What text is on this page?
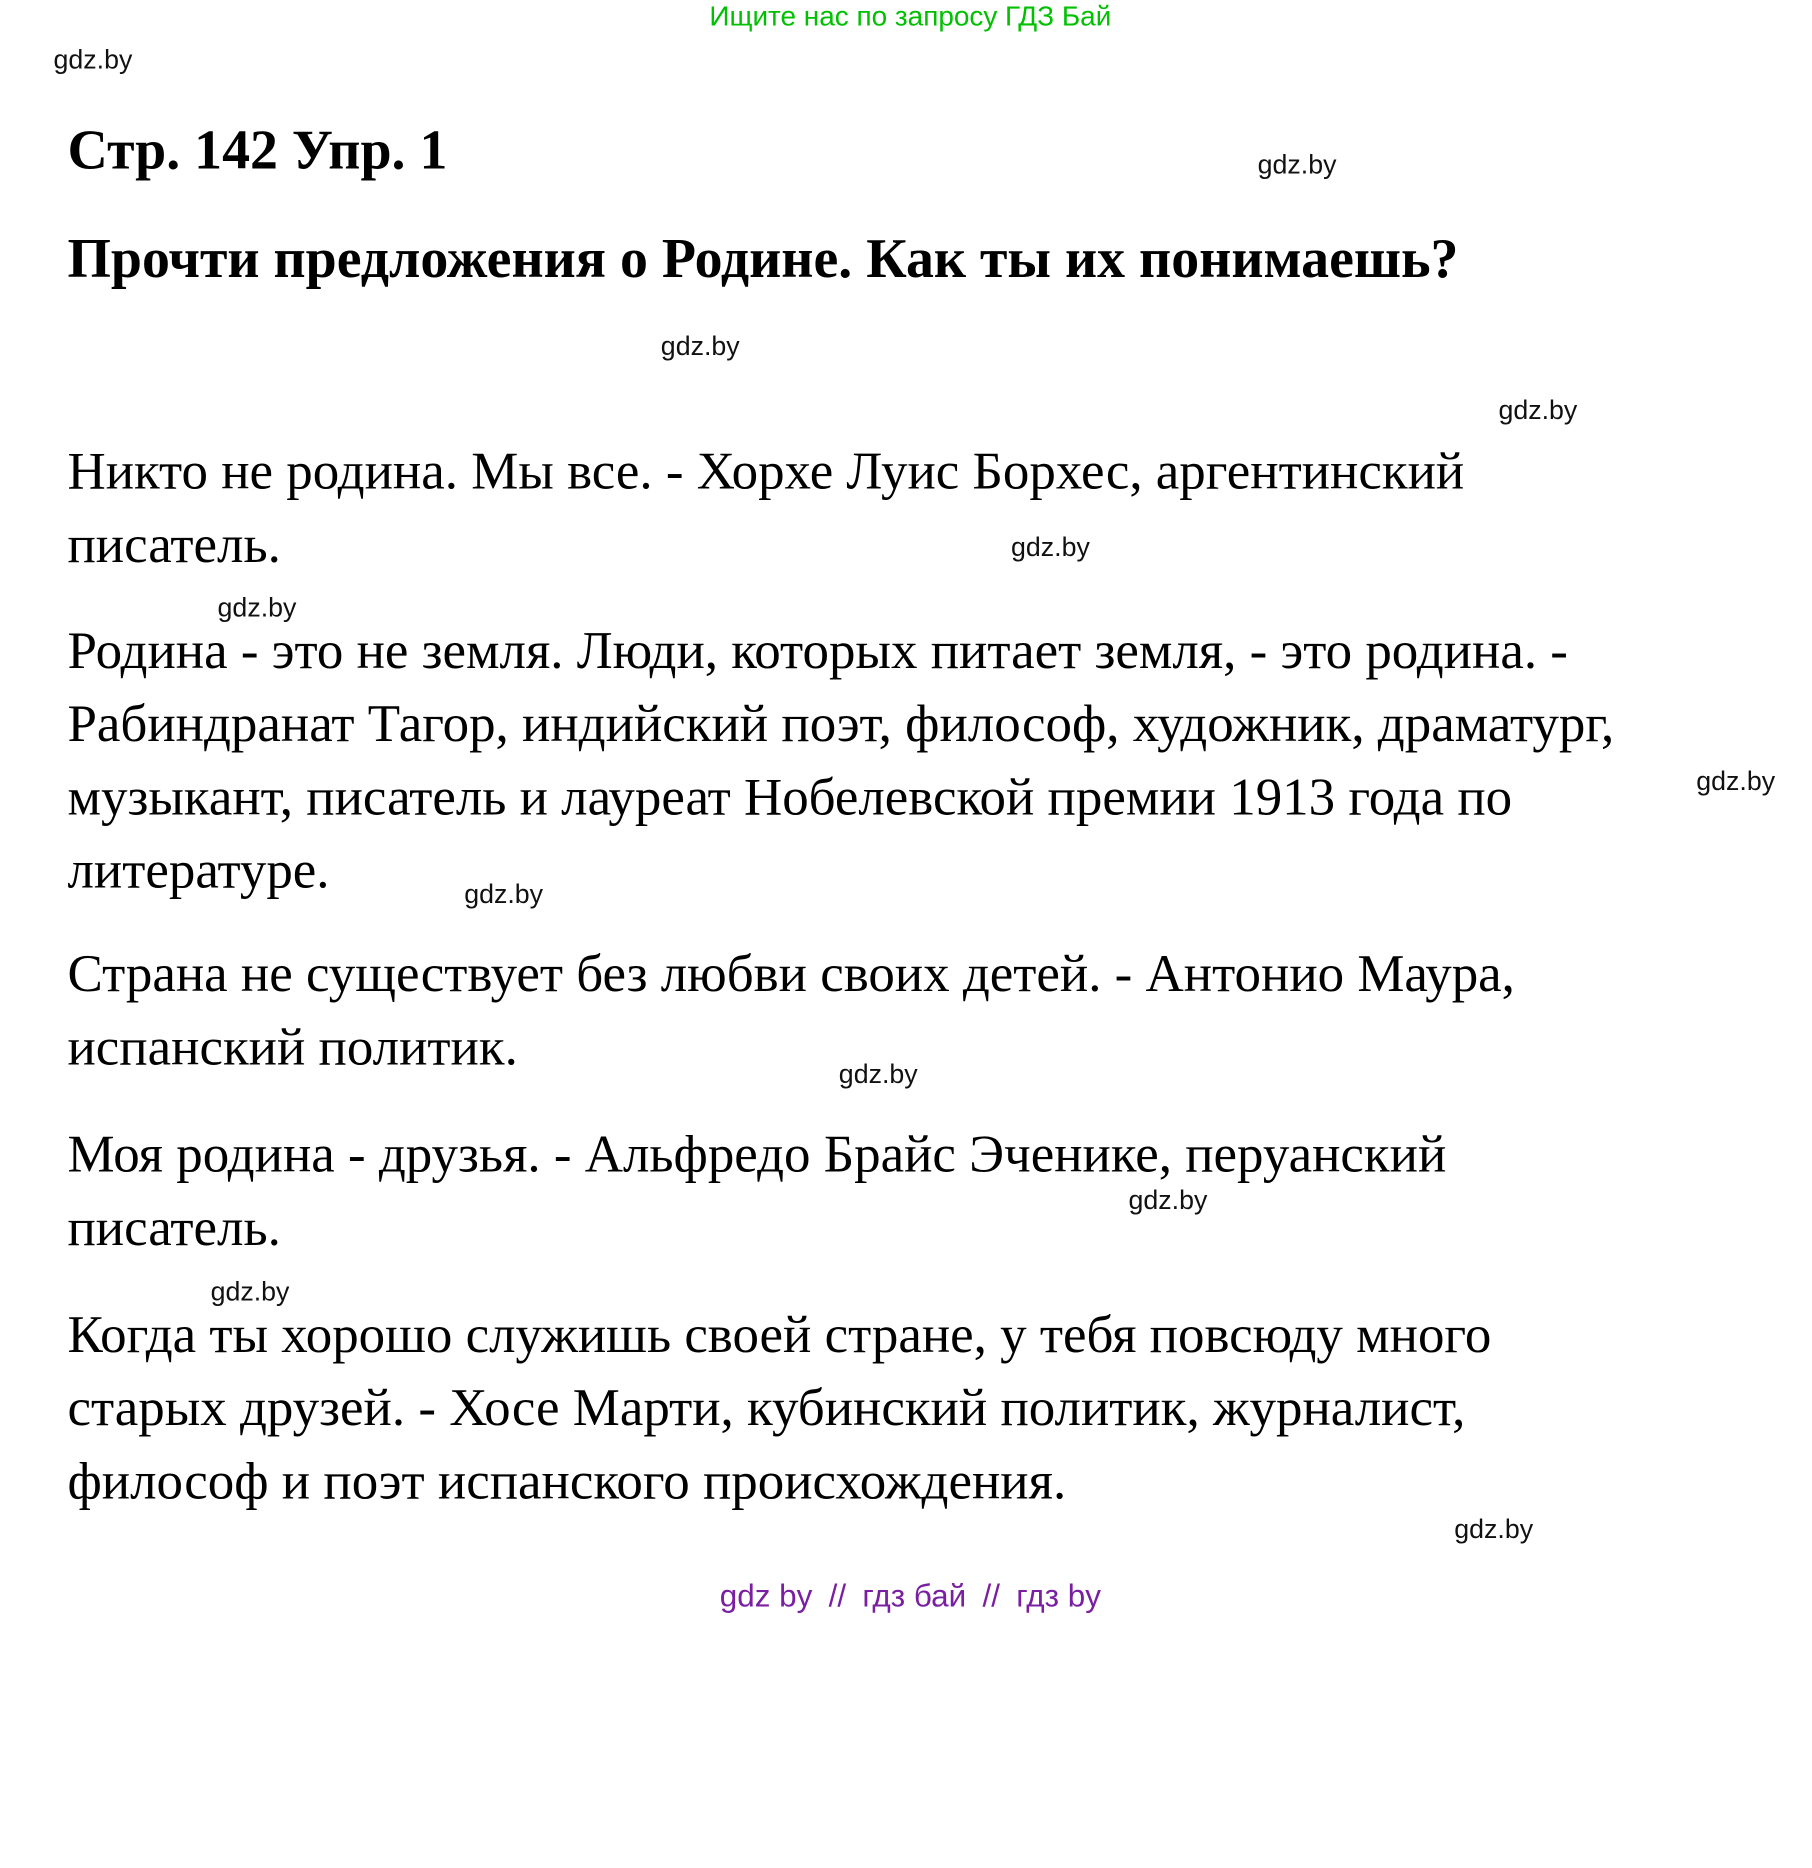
Ищите нас по запросу ГДЗ Бай
Стр. 142 Упр. 1
Прочти предложения о Родине. Как ты их понимаешь?
Никто не родина. Мы все. - Хорхе Луис Борхес, аргентинский
писатель.
Родина - это не земля. Люди, которых питает земля, - это родина. -
Рабиндранат Тагор, индийский поэт, философ, художник, драматург,
музыкант, писатель и лауреат Нобелевской премии 1913 года по
литературе.
Страна не существует без любви своих детей. - Антонио Маура,
испанский политик.
Моя родина - друзья. - Альфредо Брайс Эченике, перуанский
писатель.
Когда ты хорошо служишь своей стране, у тебя повсюду много
старых друзей. - Хосе Марти, кубинский политик, журналист,
философ и поэт испанского происхождения.
gdz.by
gdz.by
gdz.by
gdz.by
gdz.by
gdz.by
gdz.by
gdz.by
gdz.by
gdz.by
gdz.by
gdz.by
gdz by // гдз бай // гдз by
